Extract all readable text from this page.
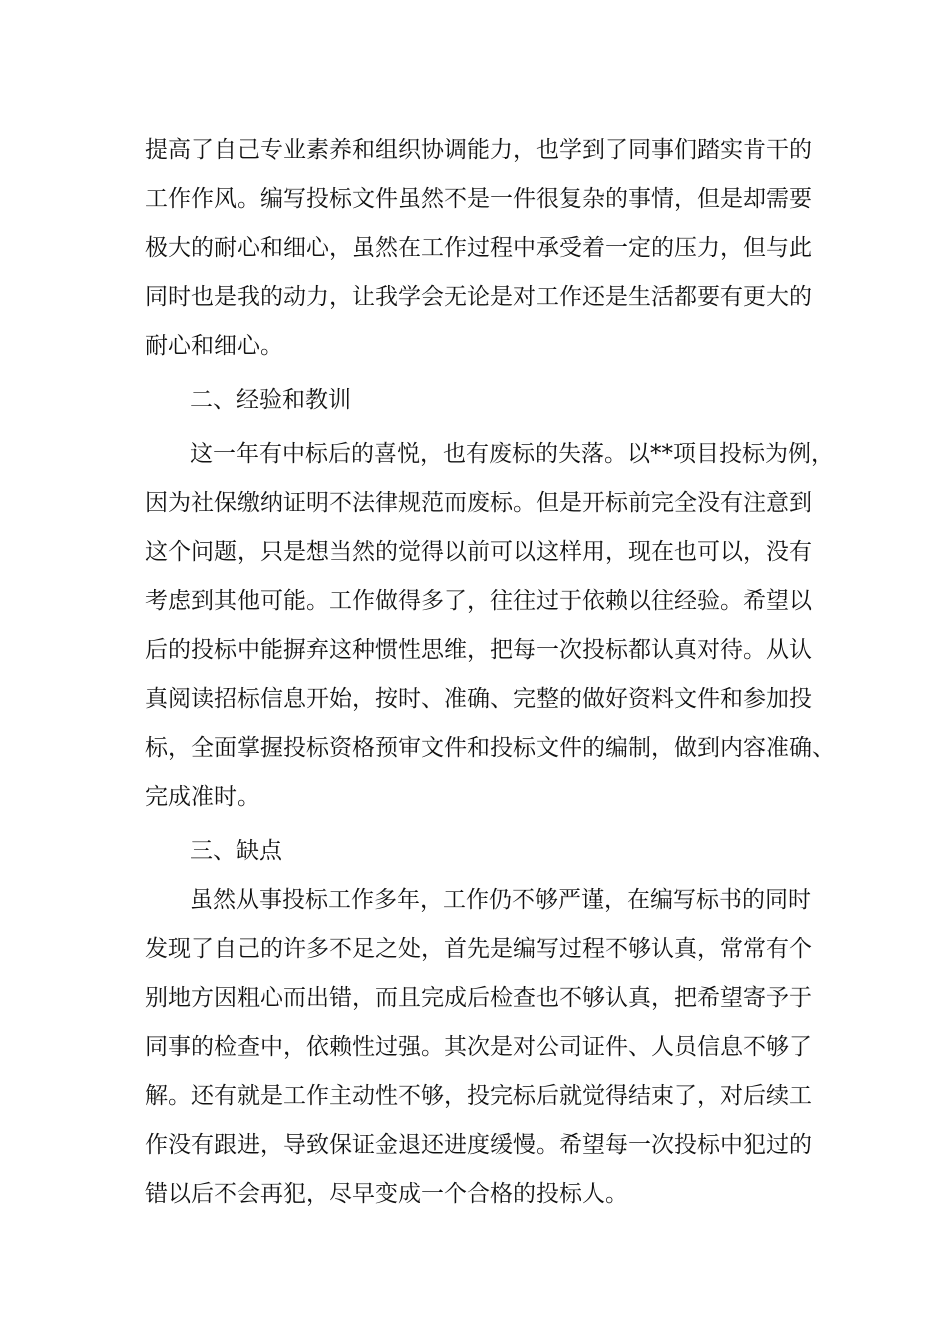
提高了自己专业素养和组织协调能力，也学到了同事们踏实肯干的
工作作风。编写投标文件虽然不是一件很复杂的事情，但是却需要
极大的耐心和细心，虽然在工作过程中承受着一定的压力，但与此
同时也是我的动力，让我学会无论是对工作还是生活都要有更大的
耐心和细心。
二、经验和教训
这一年有中标后的喜悦，也有废标的失落。以**项目投标为例，
因为社保缴纳证明不法律规范而废标。但是开标前完全没有注意到
这个问题，只是想当然的觉得以前可以这样用，现在也可以，没有
考虑到其他可能。工作做得多了，往往过于依赖以往经验。希望以
后的投标中能摒弃这种惯性思维，把每一次投标都认真对待。从认
真阅读招标信息开始，按时、准确、完整的做好资料文件和参加投
标，全面掌握投标资格预审文件和投标文件的编制，做到内容准确、
完成准时。
三、缺点
虽然从事投标工作多年，工作仍不够严谨，在编写标书的同时
发现了自己的许多不足之处，首先是编写过程不够认真，常常有个
别地方因粗心而出错，而且完成后检查也不够认真，把希望寄予于
同事的检查中，依赖性过强。其次是对公司证件、人员信息不够了
解。还有就是工作主动性不够，投完标后就觉得结束了，对后续工
作没有跟进，导致保证金退还进度缓慢。希望每一次投标中犯过的
错以后不会再犯，尽早变成一个合格的投标人。
